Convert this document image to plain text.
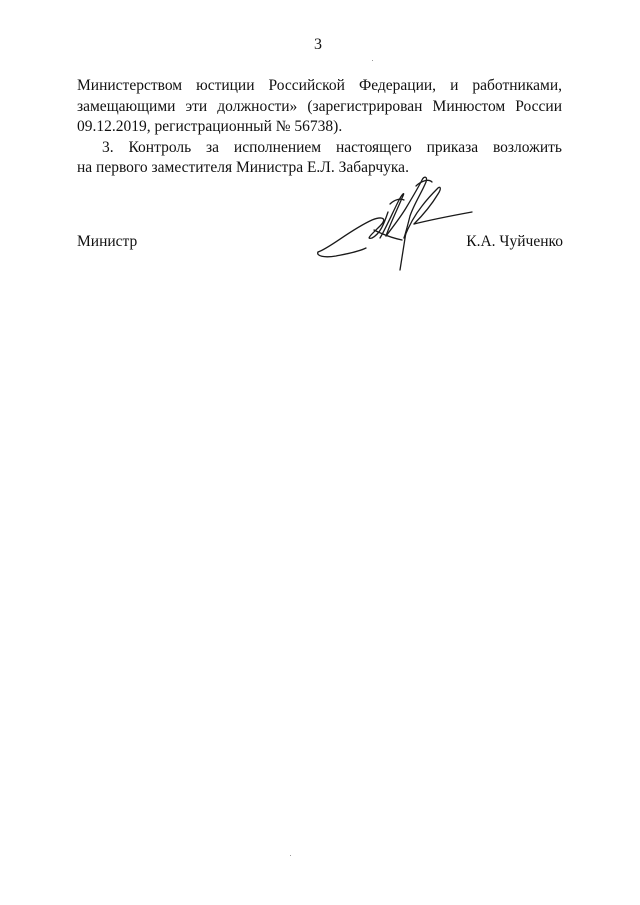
3
Министерством юстиции Российской Федерации, и работниками,
замещающими эти должности» (зарегистрирован Минюстом России
09.12.2019, регистрационный № 56738).
3. Контроль за исполнением настоящего приказа возложить
на первого заместителя Министра Е.Л. Забарчука.
Министр	К.А. Чуйченко
